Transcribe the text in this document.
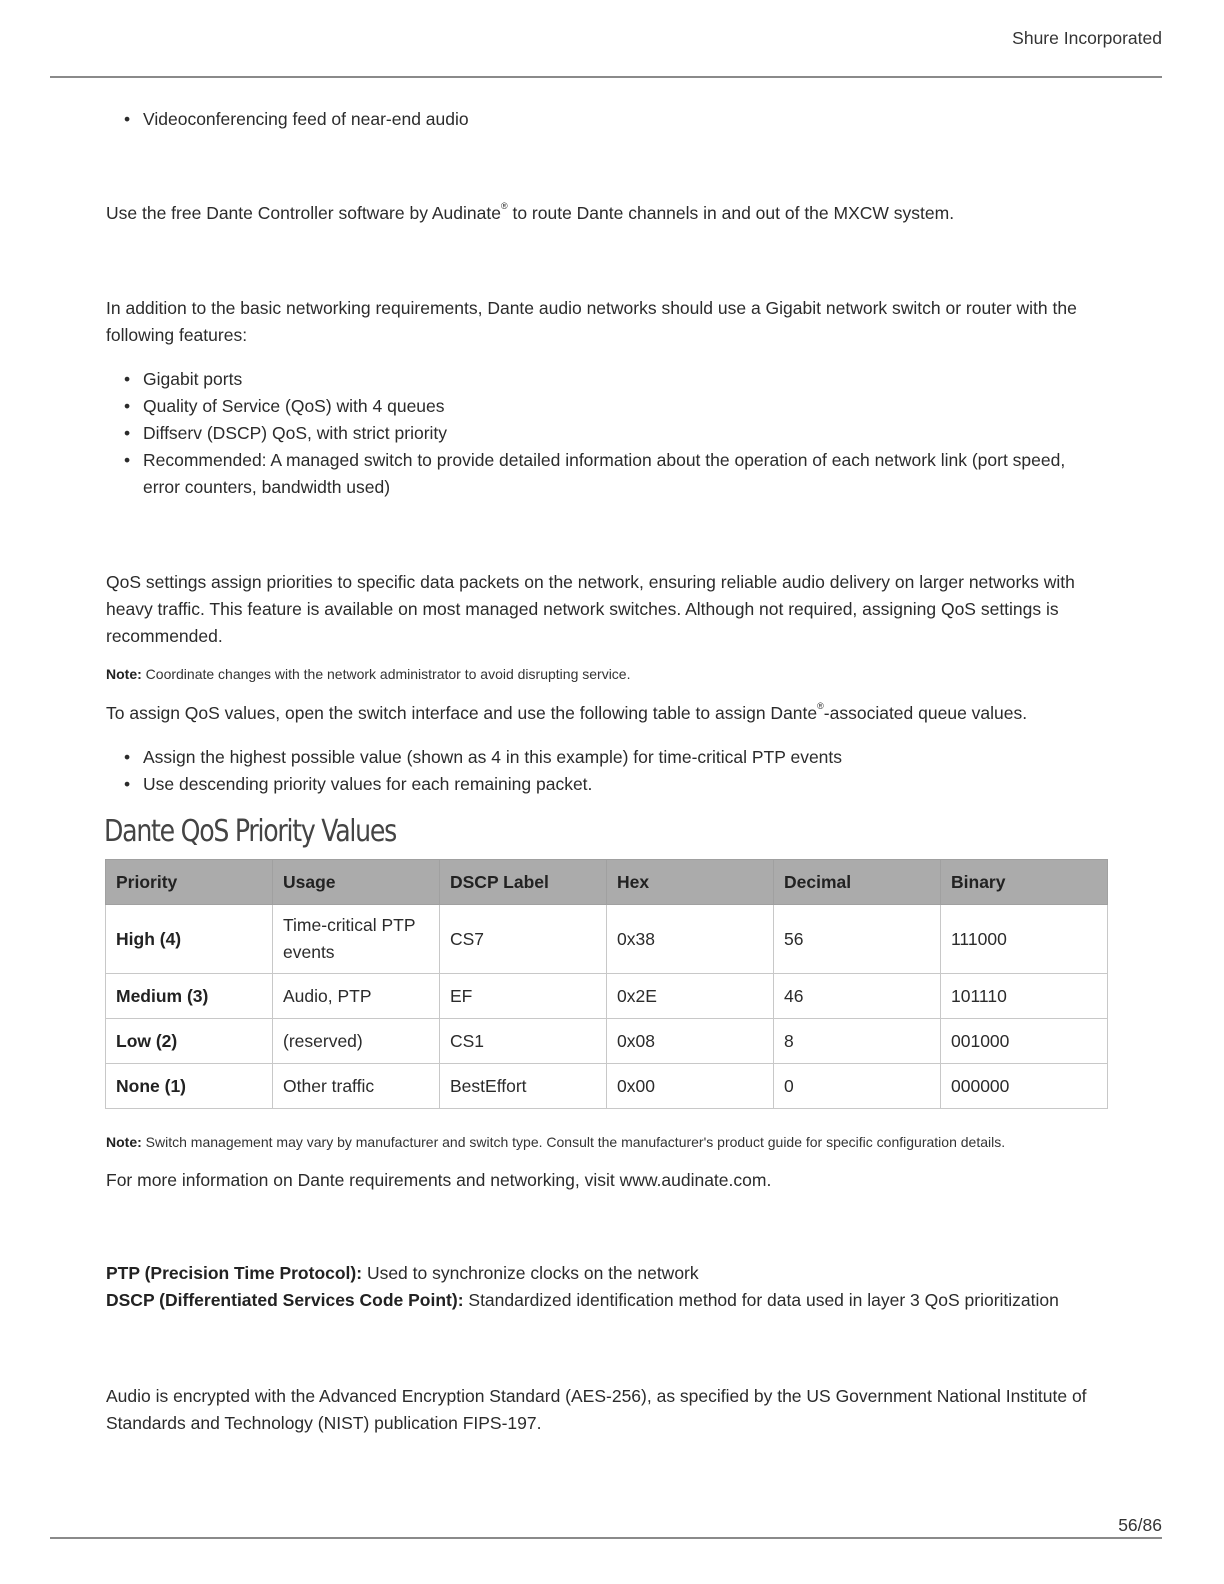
Shure Incorporated
• Videoconferencing feed of near-end audio

Use the free Dante Controller software by Audinate® to route Dante channels in and out of the MXCW system.

In addition to the basic networking requirements, Dante audio networks should use a Gigabit network switch or router with the following features:

• Gigabit ports
• Quality of Service (QoS) with 4 queues
• Diffserv (DSCP) QoS, with strict priority
• Recommended: A managed switch to provide detailed information about the operation of each network link (port speed, error counters, bandwidth used)

QoS settings assign priorities to specific data packets on the network, ensuring reliable audio delivery on larger networks with heavy traffic. This feature is available on most managed network switches. Although not required, assigning QoS settings is recommended.

Note: Coordinate changes with the network administrator to avoid disrupting service.

To assign QoS values, open the switch interface and use the following table to assign Dante®-associated queue values.

• Assign the highest possible value (shown as 4 in this example) for time-critical PTP events
• Use descending priority values for each remaining packet.
Dante QoS Priority Values
Priority	Usage	DSCP Label	Hex	Decimal	Binary
High (4)	Time-critical PTP events	CS7	0x38	56	111000
Medium (3)	Audio, PTP	EF	0x2E	46	101110
Low (2)	(reserved)	CS1	0x08	8	001000
None (1)	Other traffic	BestEffort	0x00	0	000000
Note: Switch management may vary by manufacturer and switch type. Consult the manufacturer's product guide for specific configuration details.

For more information on Dante requirements and networking, visit www.audinate.com.

PTP (Precision Time Protocol): Used to synchronize clocks on the network
DSCP (Differentiated Services Code Point): Standardized identification method for data used in layer 3 QoS prioritization

Audio is encrypted with the Advanced Encryption Standard (AES-256), as specified by the US Government National Institute of Standards and Technology (NIST) publication FIPS-197.

56/86
